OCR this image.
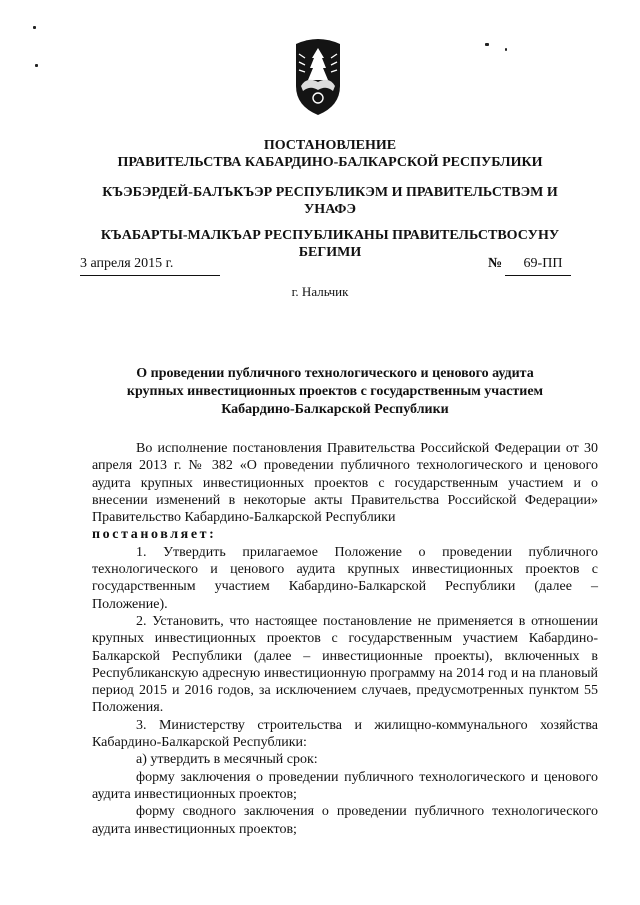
ПОСТАНОВЛЕНИЕ
ПРАВИТЕЛЬСТВА КАБАРДИНО-БАЛКАРСКОЙ РЕСПУБЛИКИ
КЪЭБЭРДЕЙ-БАЛЪКЪЭР РЕСПУБЛИКЭМ И ПРАВИТЕЛЬСТВЭМ И
УНАФЭ
КЪАБАРТЫ-МАЛКЪАР РЕСПУБЛИКАНЫ ПРАВИТЕЛЬСТВОСУНУ
БЕГИМИ
3 апреля 2015 г.	№	69-ПП
г. Нальчик
О проведении публичного технологического и ценового аудита
крупных инвестиционных проектов с государственным участием
Кабардино-Балкарской Республики

Во исполнение постановления Правительства Российской Федерации от 30 апреля 2013 г. № 382 «О проведении публичного технологического и ценового аудита крупных инвестиционных проектов с государственным участием и о внесении изменений в некоторые акты Правительства Российской Федерации» Правительство Кабардино-Балкарской Республики
постановляет:

1. Утвердить прилагаемое Положение о проведении публичного технологического и ценового аудита крупных инвестиционных проектов с государственным участием Кабардино-Балкарской Республики (далее – Положение).

2. Установить, что настоящее постановление не применяется в отношении крупных инвестиционных проектов с государственным участием Кабардино-Балкарской Республики (далее – инвестиционные проекты), включенных в Республиканскую адресную инвестиционную программу на 2014 год и на плановый период 2015 и 2016 годов, за исключением случаев, предусмотренных пунктом 55 Положения.

3. Министерству строительства и жилищно-коммунального хозяйства Кабардино-Балкарской Республики:

а) утвердить в месячный срок:

форму заключения о проведении публичного технологического и ценового аудита инвестиционных проектов;

форму сводного заключения о проведении публичного технологического аудита инвестиционных проектов;
